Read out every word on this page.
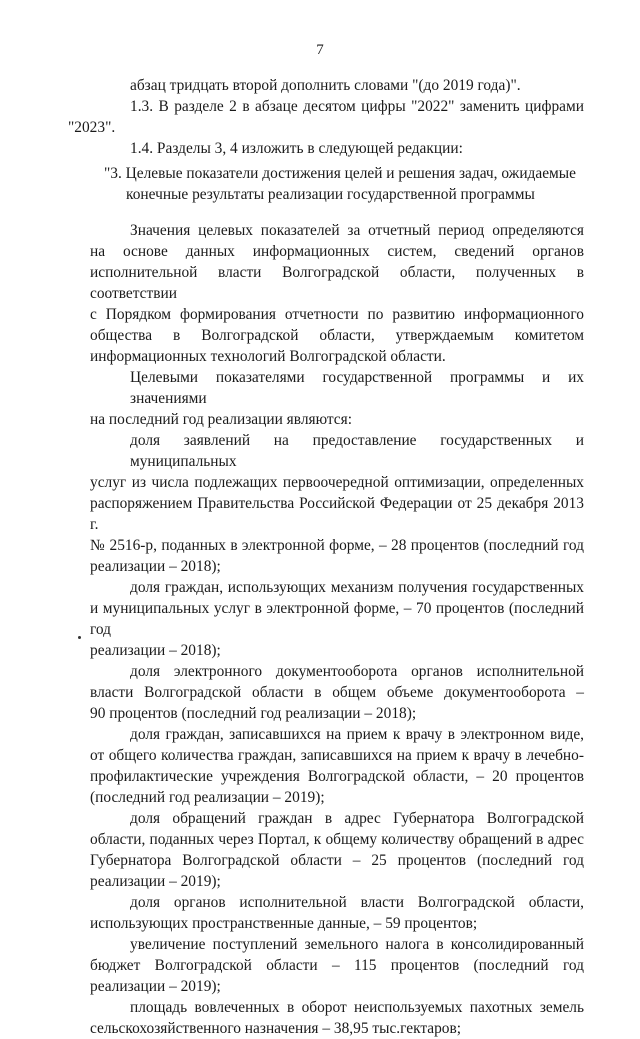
7
абзац тридцать второй дополнить словами "(до 2019 года)".
1.3. В разделе 2 в абзаце десятом цифры "2022" заменить цифрами
"2023".
1.4. Разделы 3, 4 изложить в следующей редакции:
"3. Целевые показатели достижения целей и решения задач, ожидаемые
конечные результаты реализации государственной программы
Значения целевых показателей за отчетный период определяются
на основе данных информационных систем, сведений органов
исполнительной власти Волгоградской области, полученных в соответствии
с Порядком формирования отчетности по развитию информационного
общества в Волгоградской области, утверждаемым комитетом
информационных технологий Волгоградской области.
Целевыми показателями государственной программы и их значениями
на последний год реализации являются:
доля заявлений на предоставление государственных и муниципальных
услуг из числа подлежащих первоочередной оптимизации, определенных
распоряжением Правительства Российской Федерации от 25 декабря 2013 г.
№ 2516-р, поданных в электронной форме, – 28 процентов (последний год
реализации – 2018);
доля граждан, использующих механизм получения государственных
и муниципальных услуг в электронной форме, – 70 процентов (последний год
реализации – 2018);
доля электронного документооборота органов исполнительной
власти Волгоградской области в общем объеме документооборота –
90 процентов (последний год реализации – 2018);
доля граждан, записавшихся на прием к врачу в электронном виде,
от общего количества граждан, записавшихся на прием к врачу в лечебно-
профилактические учреждения Волгоградской области, – 20 процентов
(последний год реализации – 2019);
доля обращений граждан в адрес Губернатора Волгоградской
области, поданных через Портал, к общему количеству обращений в адрес
Губернатора Волгоградской области – 25 процентов (последний год
реализации – 2019);
доля органов исполнительной власти Волгоградской области,
использующих пространственные данные, – 59 процентов;
увеличение поступлений земельного налога в консолидированный
бюджет Волгоградской области – 115 процентов (последний год
реализации – 2019);
площадь вовлеченных в оборот неиспользуемых пахотных земель
сельскохозяйственного назначения – 38,95 тыс.гектаров;
